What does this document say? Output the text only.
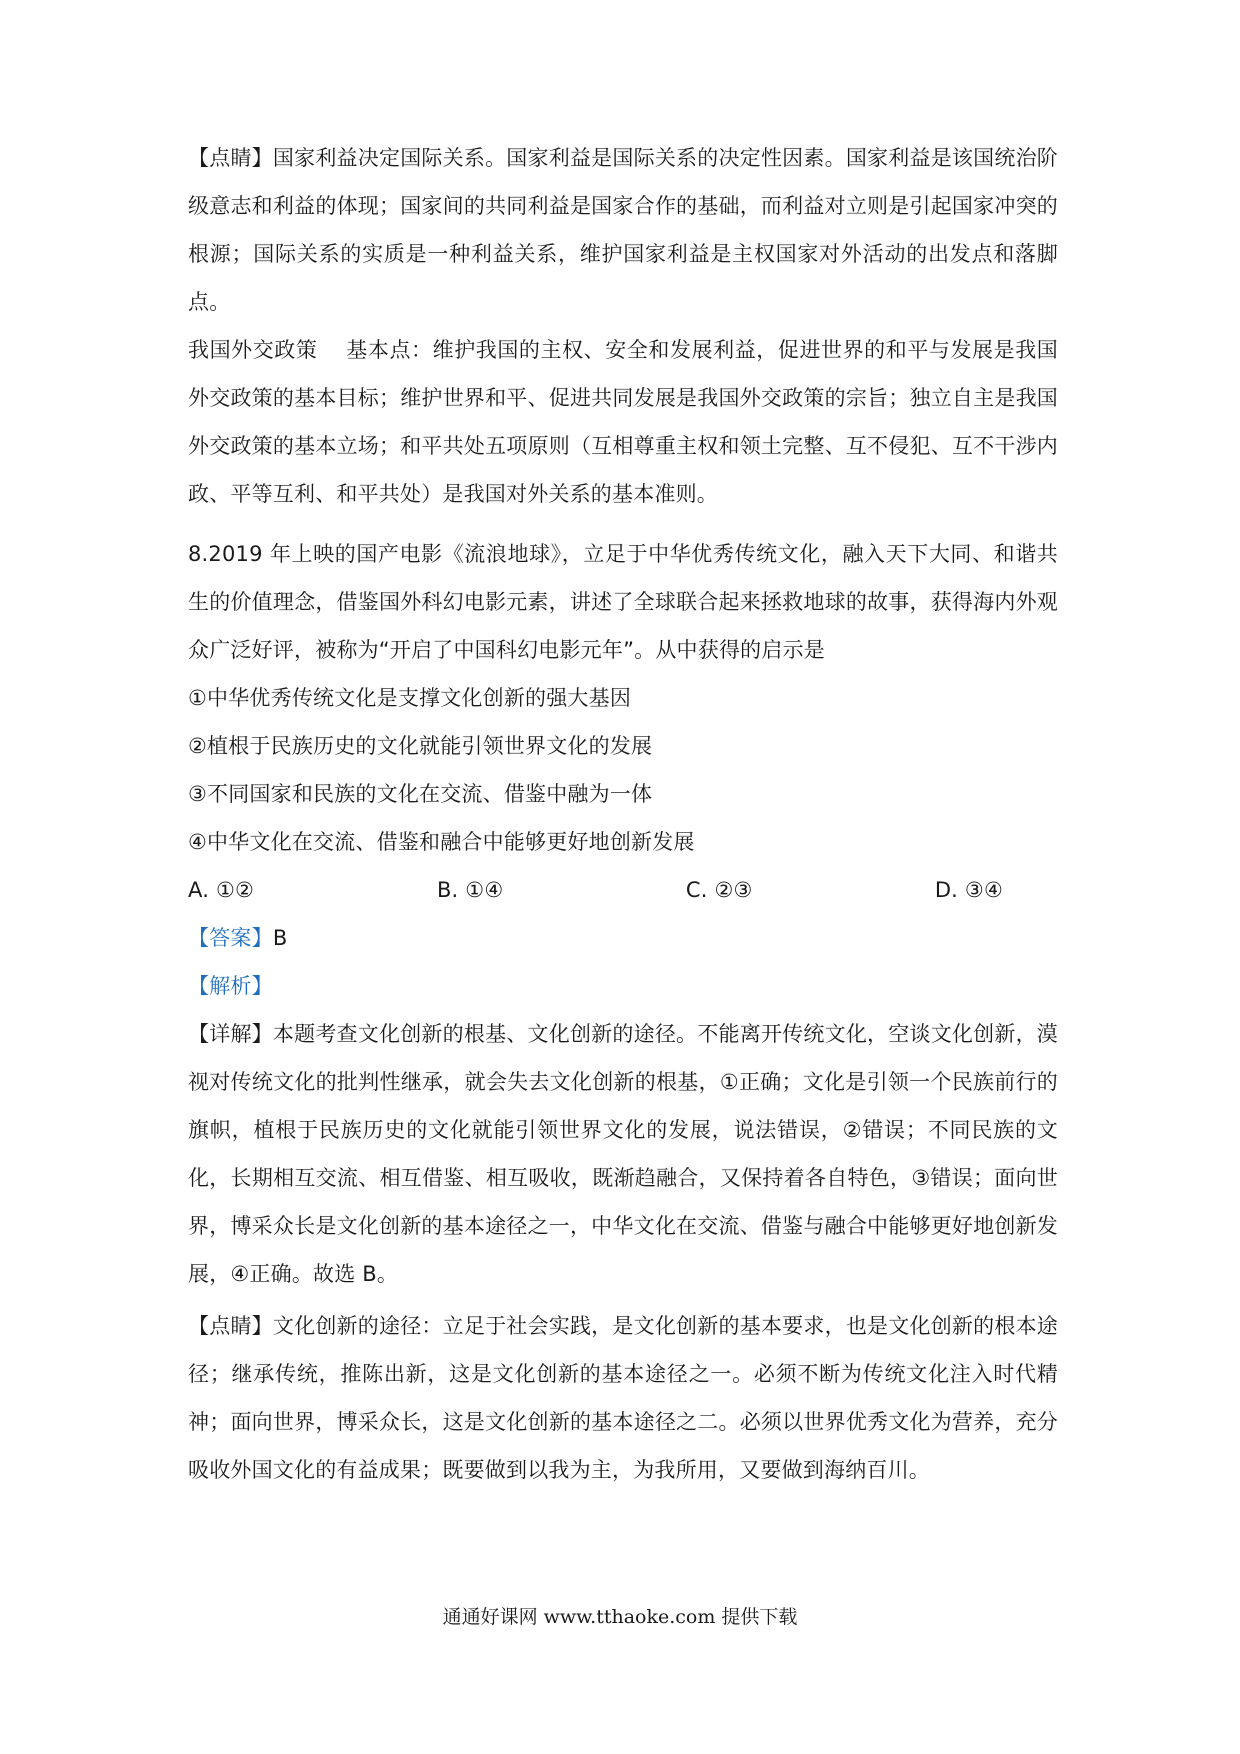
【点睛】国家利益决定国际关系。国家利益是国际关系的决定性因素。国家利益是该国统治阶级意志和利益的体现；国家间的共同利益是国家合作的基础，而利益对立则是引起国家冲突的根源；国际关系的实质是一种利益关系，维护国家利益是主权国家对外活动的出发点和落脚点。

我国外交政策　 基本点：维护我国的主权、安全和发展利益，促进世界的和平与发展是我国外交政策的基本目标；维护世界和平、促进共同发展是我国外交政策的宗旨；独立自主是我国外交政策的基本立场；和平共处五项原则（互相尊重主权和领土完整、互不侵犯、互不干涉内政、平等互利、和平共处）是我国对外关系的基本准则。

8.2019 年上映的国产电影《流浪地球》，立足于中华优秀传统文化，融入天下大同、和谐共生的价值理念，借鉴国外科幻电影元素，讲述了全球联合起来拯救地球的故事，获得海内外观众广泛好评，被称为“开启了中国科幻电影元年”。从中获得的启示是

①中华优秀传统文化是支撑文化创新的强大基因

②植根于民族历史的文化就能引领世界文化的发展

③不同国家和民族的文化在交流、借鉴中融为一体

④中华文化在交流、借鉴和融合中能够更好地创新发展

A. ①②	B. ①④	C. ②③	D. ③④

【答案】B

【解析】

【详解】本题考查文化创新的根基、文化创新的途径。不能离开传统文化，空谈文化创新，漠视对传统文化的批判性继承，就会失去文化创新的根基，①正确；文化是引领一个民族前行的旗帜，植根于民族历史的文化就能引领世界文化的发展，说法错误，②错误；不同民族的文化，长期相互交流、相互借鉴、相互吸收，既渐趋融合，又保持着各自特色，③错误；面向世界，博采众长是文化创新的基本途径之一，中华文化在交流、借鉴与融合中能够更好地创新发展，④正确。故选 B。

【点睛】文化创新的途径：立足于社会实践，是文化创新的基本要求，也是文化创新的根本途径；继承传统，推陈出新，这是文化创新的基本途径之一。必须不断为传统文化注入时代精神；面向世界，博采众长，这是文化创新的基本途径之二。必须以世界优秀文化为营养，充分吸收外国文化的有益成果；既要做到以我为主，为我所用，又要做到海纳百川。

通通好课网 www.tthaoke.com 提供下载
